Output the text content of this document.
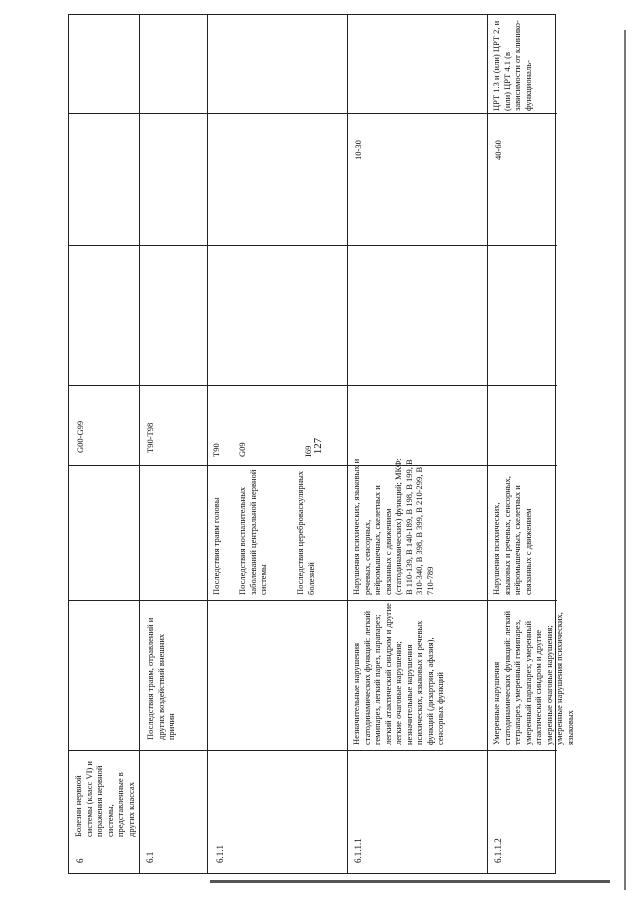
127
6
Болезни нервной системы (класс VI) и поражения нервной системы, представленные в других классах
G00-G99
6.1
Последствия травм, отравлений и других воздействий внешних причин
T90-T98
6.1.1
Последствия травм головы Последствия воспалительных заболеваний центральной нервной системы	Последствия цереброваскулярных болезней
T90 G09	I69
6.1.1.1
Нарушения психических, языковых и речевых, сенсорных, нейромышечных, скелетных и связанных с движением (статодинамических) функций; МКФ: B 110-139, B 140-189, B 198, B 199, B 310-340, B 398, B 399, B 210-299, B 710-789
Незначительные нарушения статодинамических функций: легкий гемипарез, легкий парез, парапарез; легкий атактический синдром и другие легкие очаговые нарушения; незначительные нарушения психических, языковых и речевых функций (дизартрия, афазия), сенсорных функций
10-30
6.1.1.2
Нарушения психических, языковых и речевых, сенсорных, нейромышечных, скелетных и связанных с движением
Умеренные нарушения статодинамических функций: легкий тетрапарез, умеренный гемипарез, умеренный парапарез; умеренный атактический синдром и другие умеренные очаговые нарушения; умеренные нарушения психических, языковых
40-60
ЦРТ 1.3 и (или) ЦРТ 2, и (или) ЦРТ 4.1 (в зависимости от клинико-функциональ-
